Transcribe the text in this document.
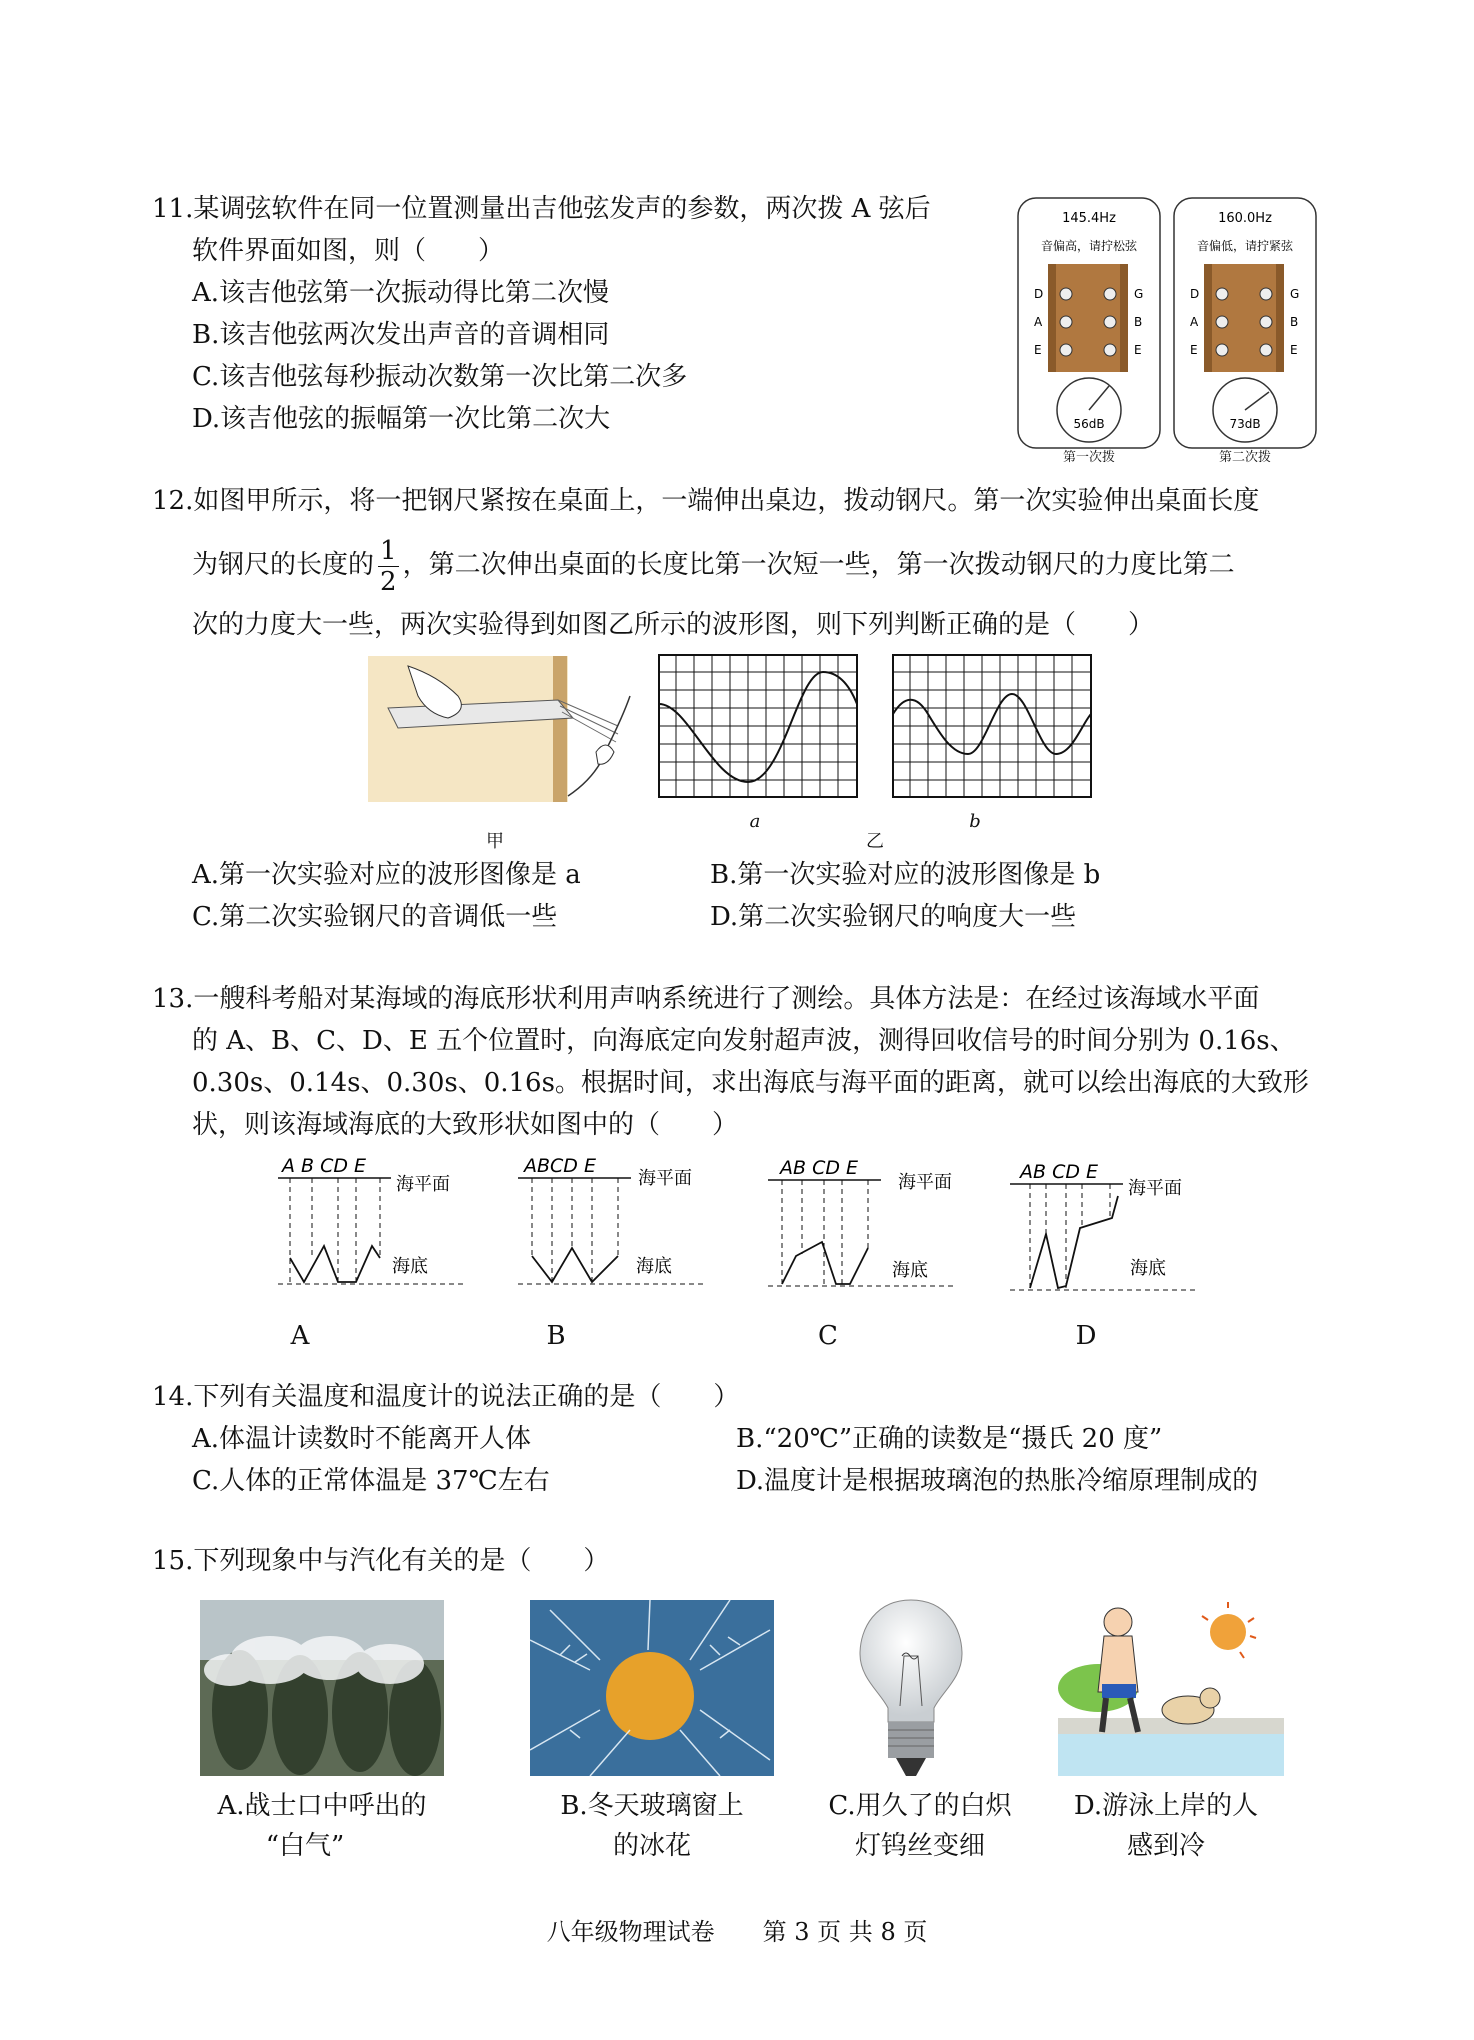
11.某调弦软件在同一位置测量出吉他弦发声的参数，两次拨 A 弦后
软件界面如图，则（　　）
A.该吉他弦第一次振动得比第二次慢
B.该吉他弦两次发出声音的音调相同
C.该吉他弦每秒振动次数第一次比第二次多
D.该吉他弦的振幅第一次比第二次大
145.4Hz
音偏高，请拧松弦
D
A
E
G
B
E
56dB
第一次拨
160.0Hz
音偏低，请拧紧弦
D
A
E
G
B
E
73dB
第二次拨
12.如图甲所示，将一把钢尺紧按在桌面上，一端伸出桌边，拨动钢尺。第一次实验伸出桌面长度
为钢尺的长度的 $\frac{1}{2}$ ，第二次伸出桌面的长度比第一次短一些，第一次拨动钢尺的力度比第二
次的力度大一些，两次实验得到如图乙所示的波形图，则下列判断正确的是（　　）
甲
a
乙
b
A.第一次实验对应的波形图像是 a	B.第一次实验对应的波形图像是 b
C.第二次实验钢尺的音调低一些	D.第二次实验钢尺的响度大一些
13.一艘科考船对某海域的海底形状利用声呐系统进行了测绘。具体方法是：在经过该海域水平面
的 A、B、C、D、E 五个位置时，向海底定向发射超声波，测得回收信号的时间分别为 0.16s、
0.30s、0.14s、0.30s、0.16s。根据时间，求出海底与海平面的距离，就可以绘出海底的大致形
状，则该海域海底的大致形状如图中的（　　）
A B CD E
海平面
海底
A
ABCD E
海平面
海底
B
AB CD E
海平面
海底
C
AB CD E
海平面
海底
D
14.下列有关温度和温度计的说法正确的是（　　）
A.体温计读数时不能离开人体	B.“20℃”正确的读数是“摄氏 20 度”
C.人体的正常体温是 37℃左右	D.温度计是根据玻璃泡的热胀冷缩原理制成的
15.下列现象中与汽化有关的是（　　）
A.战士口中呼出的
“白气”
B.冬天玻璃窗上
的冰花
C.用久了的白炽
灯钨丝变细
D.游泳上岸的人
感到冷
八年级物理试卷　　第 3 页 共 8 页
